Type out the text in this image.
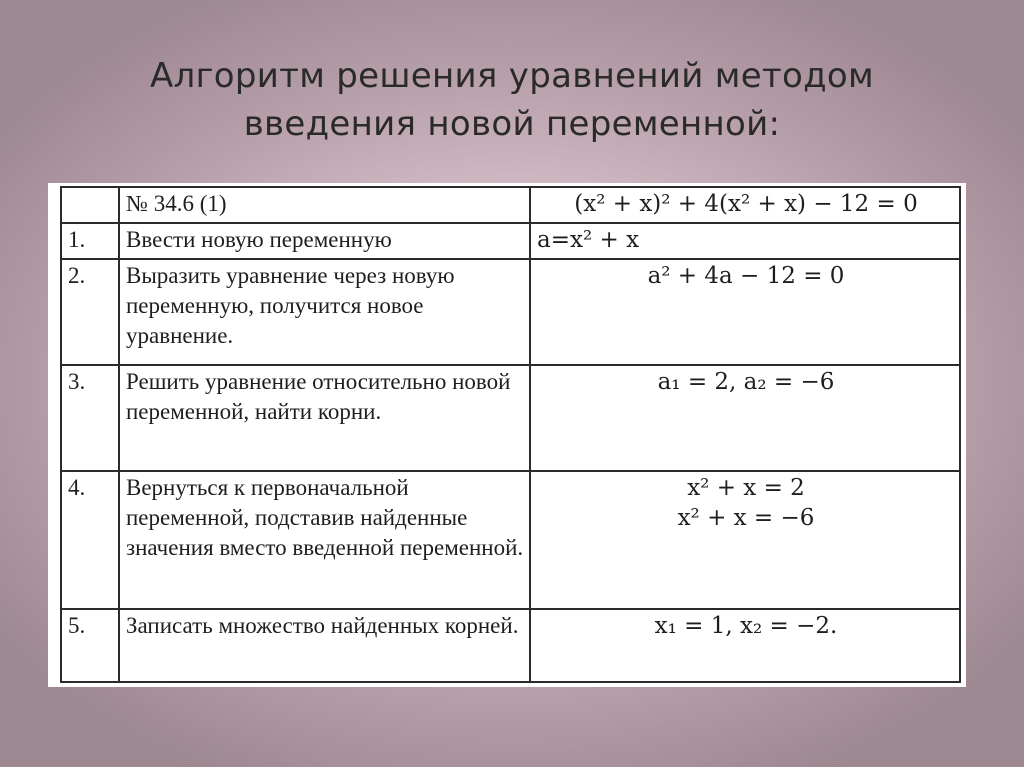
Алгоритм решения уравнений методом
введения новой переменной:
	№ 34.6 (1)	(x² + x)² + 4(x² + x) − 12 = 0
1.	Ввести новую переменную	a=x² + x

2.	Выразить уравнение через новую переменную, получится новое уравнение.	a² + 4a − 12 = 0

3.	Решить уравнение относительно новой переменной, найти корни.	a₁ = 2, a₂ = −6

4.	Вернуться к первоначальной переменной, подставив найденные значения вместо введенной переменной.	x² + x = 2
x² + x = −6

5.	Записать множество найденных корней.	x₁ = 1, x₂ = −2.
